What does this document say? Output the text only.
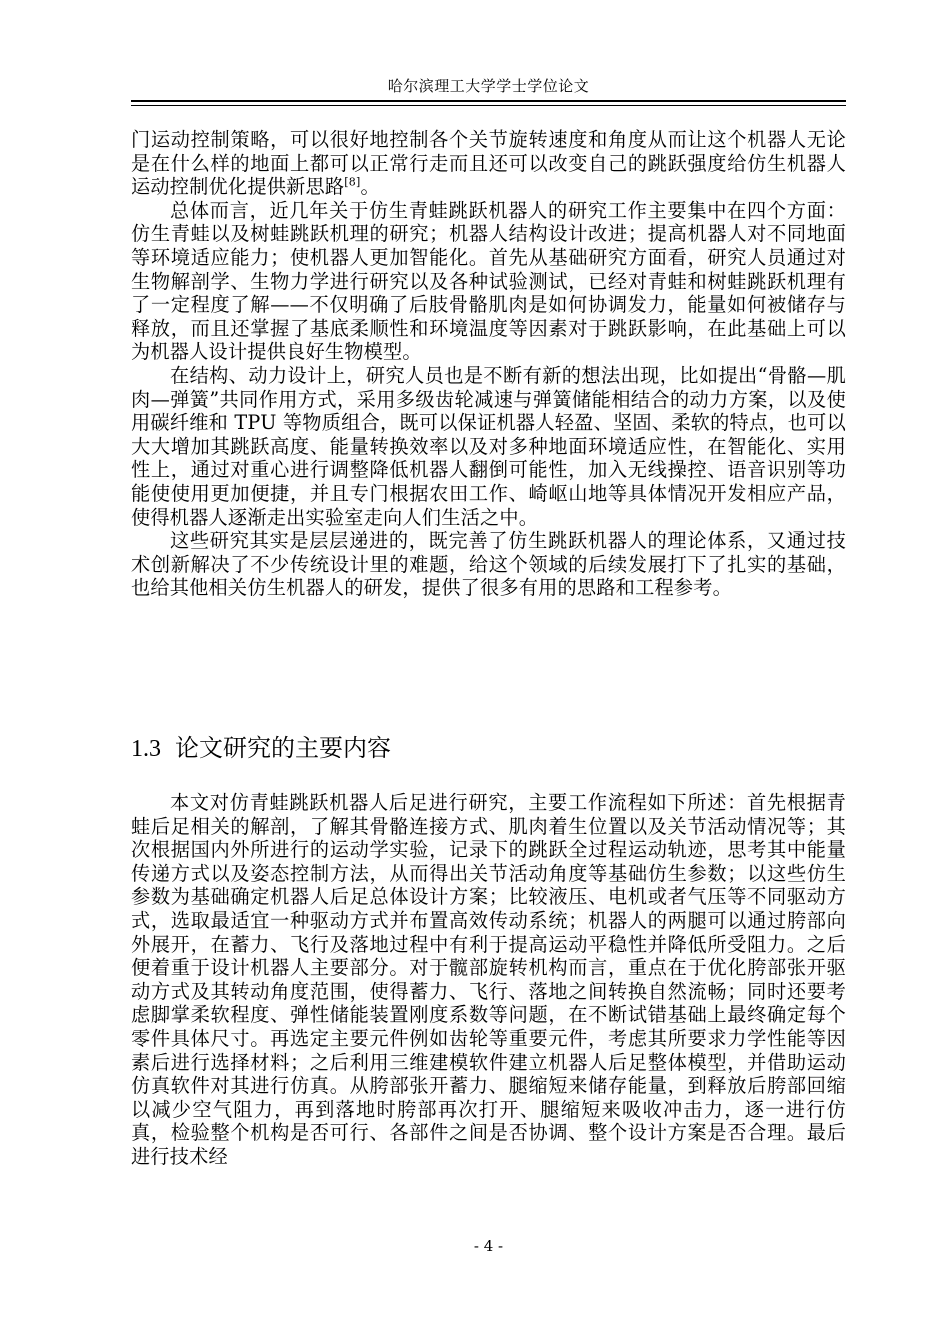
哈尔滨理工大学学士学位论文

门运动控制策略，可以很好地控制各个关节旋转速度和角度从而让这个机器人无论是在什么样的地面上都可以正常行走而且还可以改变自己的跳跃强度给仿生机器人运动控制优化提供新思路[8]。

总体而言，近几年关于仿生青蛙跳跃机器人的研究工作主要集中在四个方面：仿生青蛙以及树蛙跳跃机理的研究；机器人结构设计改进；提高机器人对不同地面等环境适应能力；使机器人更加智能化。首先从基础研究方面看，研究人员通过对生物解剖学、生物力学进行研究以及各种试验测试，已经对青蛙和树蛙跳跃机理有了一定程度了解——不仅明确了后肢骨骼肌肉是如何协调发力，能量如何被储存与释放，而且还掌握了基底柔顺性和环境温度等因素对于跳跃影响，在此基础上可以为机器人设计提供良好生物模型。

在结构、动力设计上，研究人员也是不断有新的想法出现，比如提出“骨骼—肌肉—弹簧”共同作用方式，采用多级齿轮减速与弹簧储能相结合的动力方案，以及使用碳纤维和 TPU 等物质组合，既可以保证机器人轻盈、坚固、柔软的特点，也可以大大增加其跳跃高度、能量转换效率以及对多种地面环境适应性，在智能化、实用性上，通过对重心进行调整降低机器人翻倒可能性，加入无线操控、语音识别等功能使使用更加便捷，并且专门根据农田工作、崎岖山地等具体情况开发相应产品，使得机器人逐渐走出实验室走向人们生活之中。

这些研究其实是层层递进的，既完善了仿生跳跃机器人的理论体系，又通过技术创新解决了不少传统设计里的难题，给这个领域的后续发展打下了扎实的基础，也给其他相关仿生机器人的研发，提供了很多有用的思路和工程参考。

1.3 论文研究的主要内容

本文对仿青蛙跳跃机器人后足进行研究，主要工作流程如下所述：首先根据青蛙后足相关的解剖，了解其骨骼连接方式、肌肉着生位置以及关节活动情况等；其次根据国内外所进行的运动学实验，记录下的跳跃全过程运动轨迹，思考其中能量传递方式以及姿态控制方法，从而得出关节活动角度等基础仿生参数；以这些仿生参数为基础确定机器人后足总体设计方案；比较液压、电机或者气压等不同驱动方式，选取最适宜一种驱动方式并布置高效传动系统；机器人的两腿可以通过胯部向外展开，在蓄力、飞行及落地过程中有利于提高运动平稳性并降低所受阻力。之后便着重于设计机器人主要部分。对于髋部旋转机构而言，重点在于优化胯部张开驱动方式及其转动角度范围，使得蓄力、飞行、落地之间转换自然流畅；同时还要考虑脚掌柔软程度、弹性储能装置刚度系数等问题，在不断试错基础上最终确定每个零件具体尺寸。再选定主要元件例如齿轮等重要元件，考虑其所要求力学性能等因素后进行选择材料；之后利用三维建模软件建立机器人后足整体模型，并借助运动仿真软件对其进行仿真。从胯部张开蓄力、腿缩短来储存能量，到释放后胯部回缩以减少空气阻力，再到落地时胯部再次打开、腿缩短来吸收冲击力，逐一进行仿真，检验整个机构是否可行、各部件之间是否协调、整个设计方案是否合理。最后进行技术经

- 4 -
